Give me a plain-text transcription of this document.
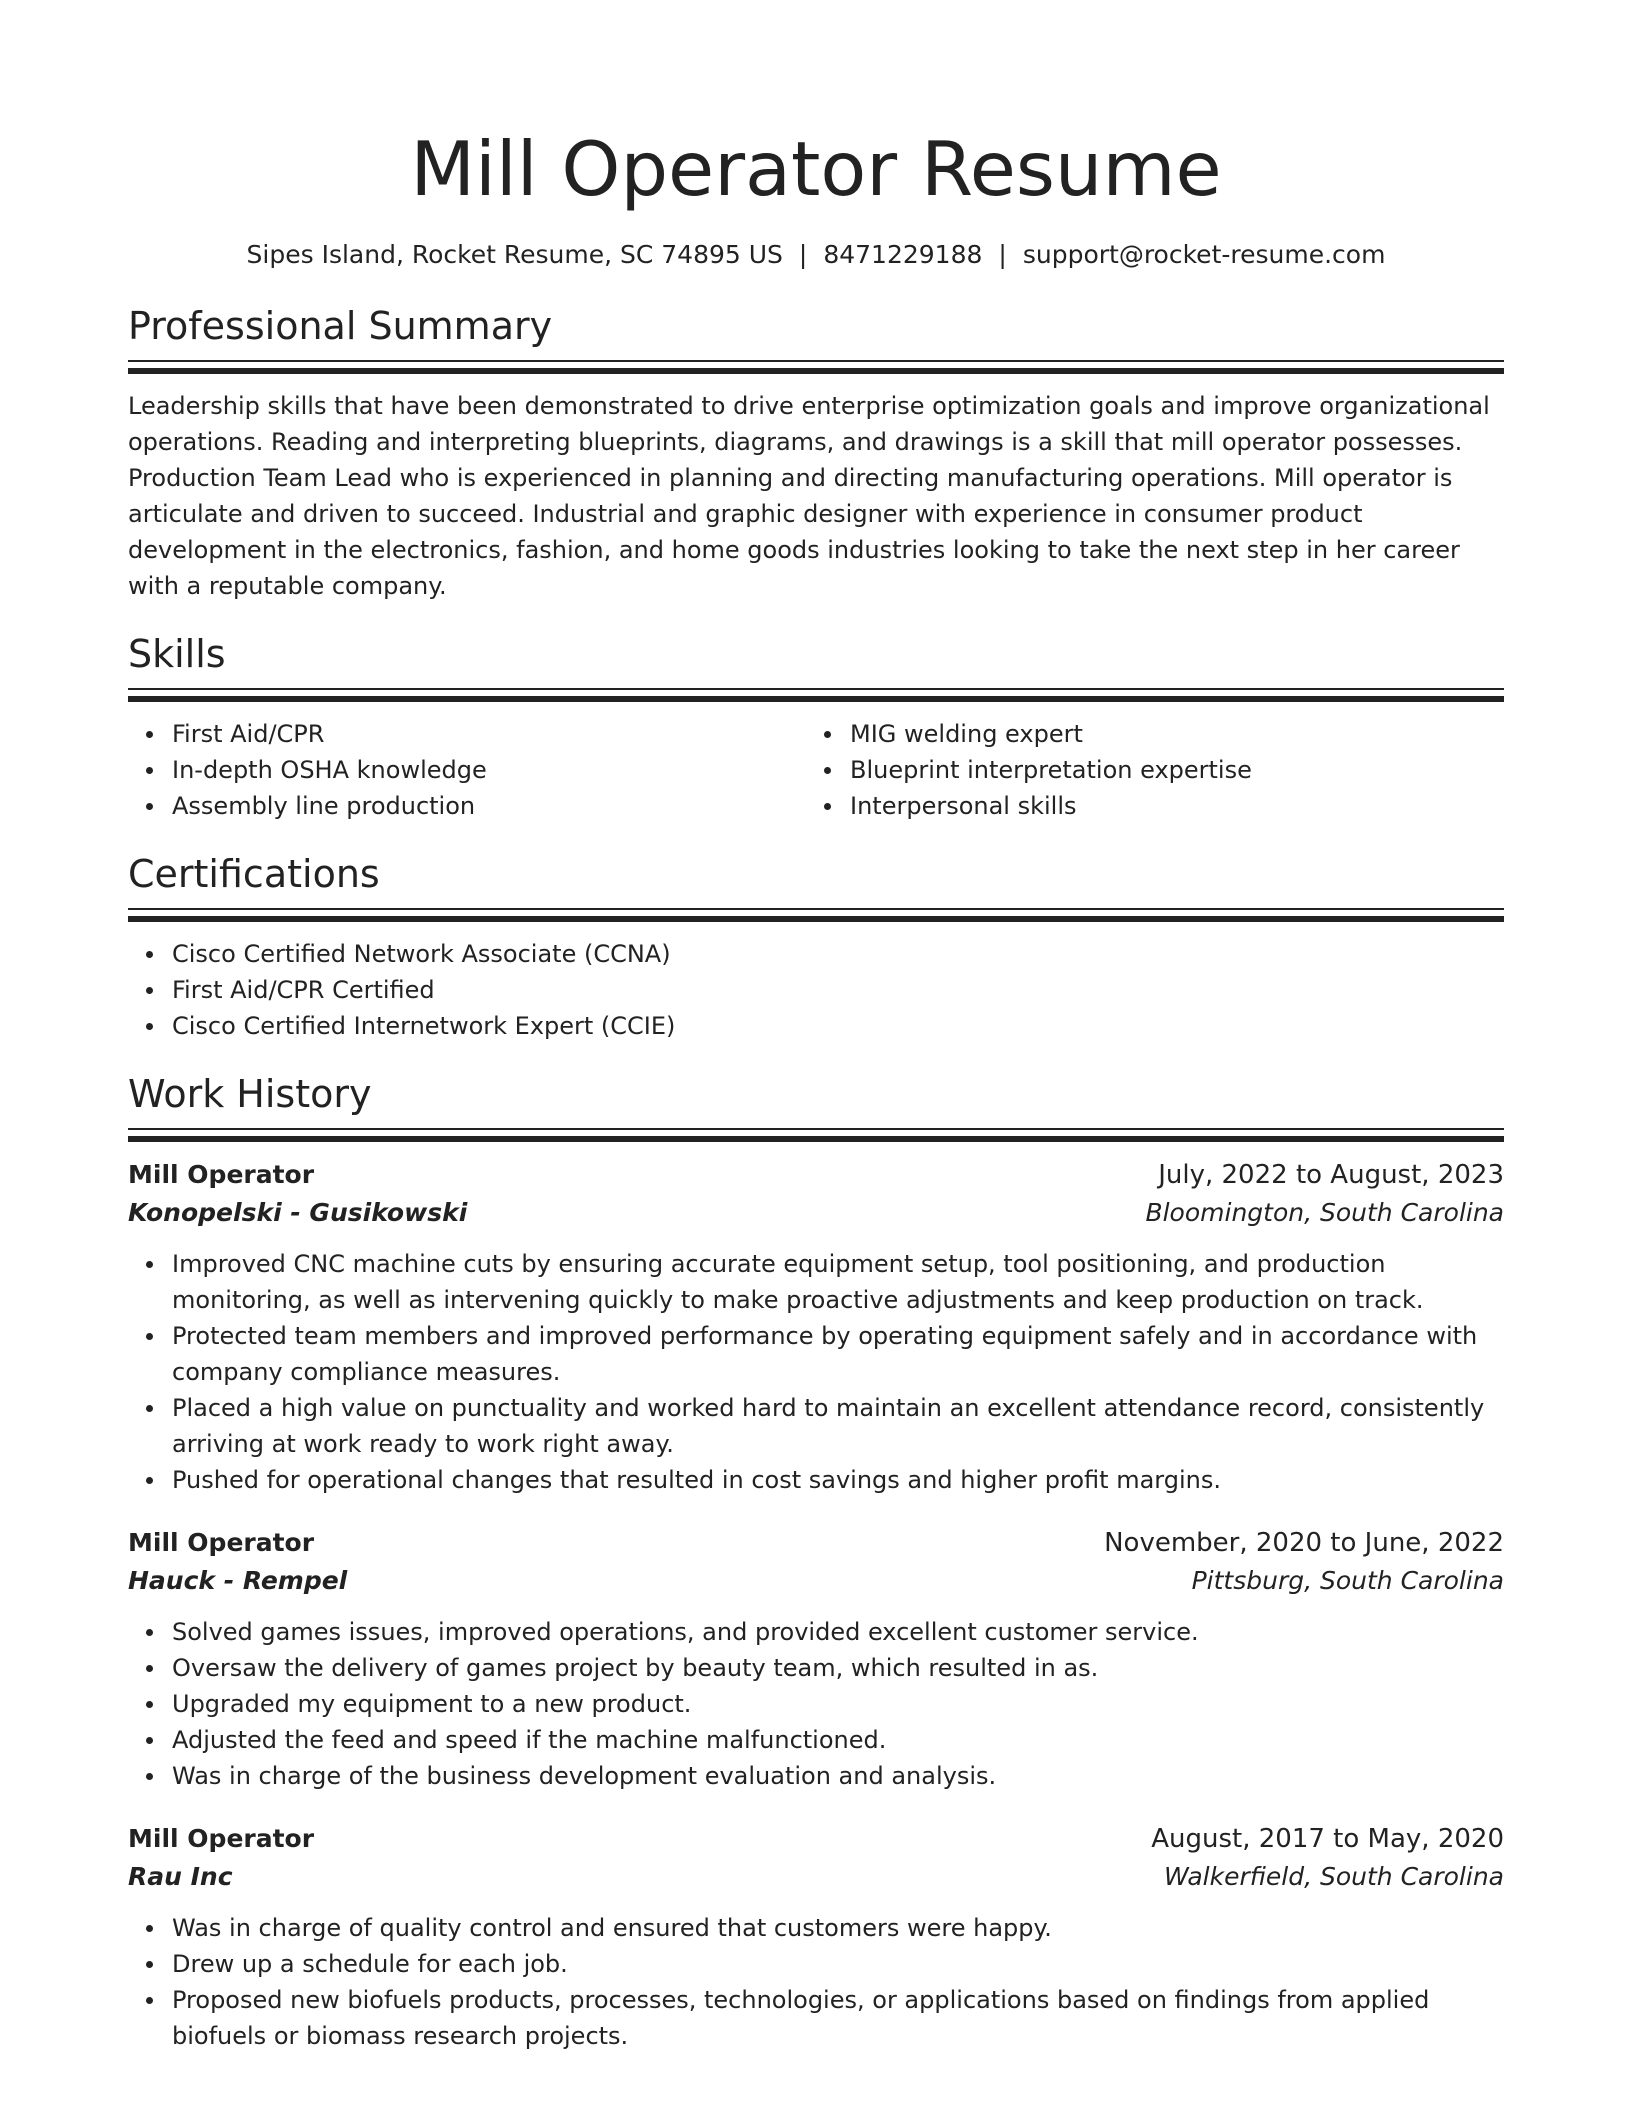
Mill Operator Resume
Sipes Island, Rocket Resume, SC 74895 US | 8471229188 | support@rocket-resume.com
Professional Summary

Leadership skills that have been demonstrated to drive enterprise optimization goals and improve organizational operations. Reading and interpreting blueprints, diagrams, and drawings is a skill that mill operator possesses. Production Team Lead who is experienced in planning and directing manufacturing operations. Mill operator is articulate and driven to succeed. Industrial and graphic designer with experience in consumer product development in the electronics, fashion, and home goods industries looking to take the next step in her career with a reputable company.

Skills
First Aid/CPR
In-depth OSHA knowledge
Assembly line production
MIG welding expert
Blueprint interpretation expertise
Interpersonal skills
Certifications
Cisco Certified Network Associate (CCNA)
First Aid/CPR Certified
Cisco Certified Internetwork Expert (CCIE)
Work History
Mill Operator	July, 2022 to August, 2023
Konopelski - Gusikowski	Bloomington, South Carolina
Improved CNC machine cuts by ensuring accurate equipment setup, tool positioning, and production monitoring, as well as intervening quickly to make proactive adjustments and keep production on track.
Protected team members and improved performance by operating equipment safely and in accordance with company compliance measures.
Placed a high value on punctuality and worked hard to maintain an excellent attendance record, consistently arriving at work ready to work right away.
Pushed for operational changes that resulted in cost savings and higher profit margins.
Mill Operator	November, 2020 to June, 2022
Hauck - Rempel	Pittsburg, South Carolina
Solved games issues, improved operations, and provided excellent customer service.
Oversaw the delivery of games project by beauty team, which resulted in as.
Upgraded my equipment to a new product.
Adjusted the feed and speed if the machine malfunctioned.
Was in charge of the business development evaluation and analysis.
Mill Operator	August, 2017 to May, 2020
Rau Inc	Walkerfield, South Carolina
Was in charge of quality control and ensured that customers were happy.
Drew up a schedule for each job.
Proposed new biofuels products, processes, technologies, or applications based on findings from applied biofuels or biomass research projects.
